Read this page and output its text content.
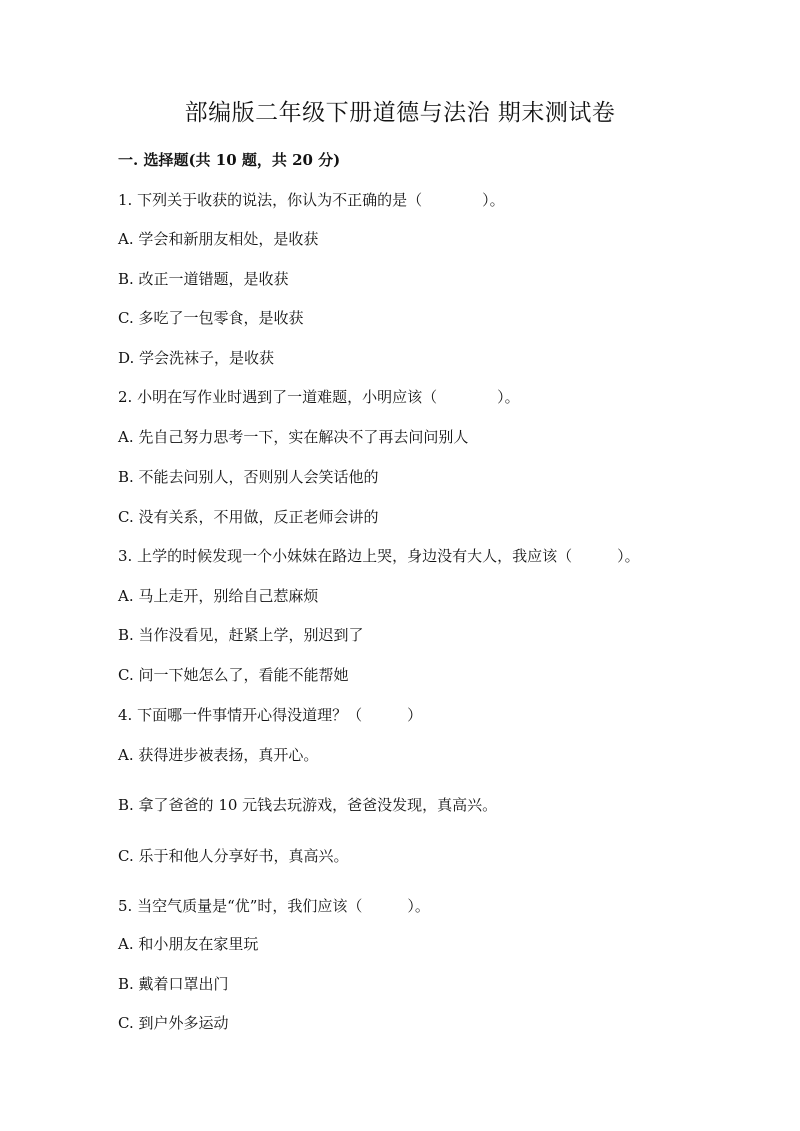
部编版二年级下册道德与法治 期末测试卷
一. 选择题(共 10 题，共 20 分)
1. 下列关于收获的说法，你认为不正确的是（　　　　）。
A. 学会和新朋友相处，是收获
B. 改正一道错题，是收获
C. 多吃了一包零食，是收获
D. 学会洗袜子，是收获
2. 小明在写作业时遇到了一道难题，小明应该（　　　　）。
A. 先自己努力思考一下，实在解决不了再去问问别人
B. 不能去问别人，否则别人会笑话他的
C. 没有关系，不用做，反正老师会讲的
3. 上学的时候发现一个小妹妹在路边上哭，身边没有大人，我应该（　　　）。
A. 马上走开，别给自己惹麻烦
B. 当作没看见，赶紧上学，别迟到了
C. 问一下她怎么了，看能不能帮她
4. 下面哪一件事情开心得没道理？（　　　）
A. 获得进步被表扬，真开心。
B. 拿了爸爸的 10 元钱去玩游戏，爸爸没发现，真高兴。
C. 乐于和他人分享好书，真高兴。
5. 当空气质量是“优”时，我们应该（　　　）。
A. 和小朋友在家里玩
B. 戴着口罩出门
C. 到户外多运动
